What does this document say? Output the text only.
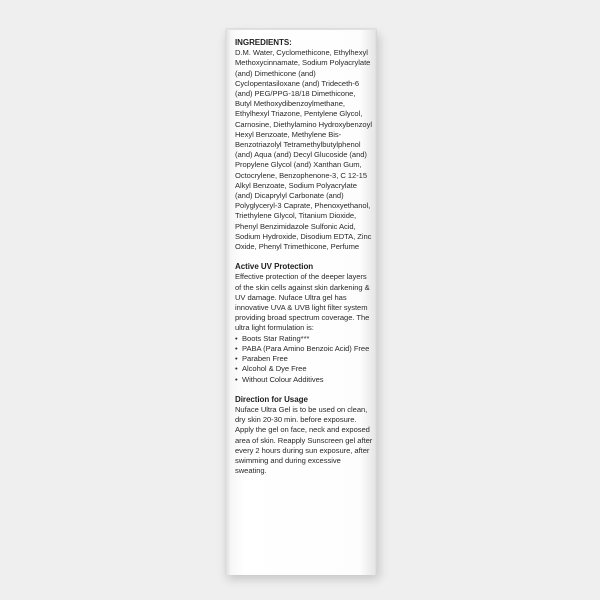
INGREDIENTS:

D.M. Water, Cyclomethicone, Ethylhexyl Methoxycinnamate, Sodium Polyacrylate (and) Dimethicone (and) Cyclopentasiloxane (and) Trideceth-6 (and) PEG/PPG-18/18 Dimethicone, Butyl Methoxydibenzoylmethane, Ethylhexyl Triazone, Pentylene Glycol, Carnosine, Diethylamino Hydroxybenzoyl Hexyl Benzoate, Methylene Bis-Benzotriazolyl Tetramethylbutylphenol (and) Aqua (and) Decyl Glucoside (and) Propylene Glycol (and) Xanthan Gum, Octocrylene, Benzophenone-3, C 12-15 Alkyl Benzoate, Sodium Polyacrylate (and) Dicaprylyl Carbonate (and) Polyglyceryl-3 Caprate, Phenoxyethanol, Triethylene Glycol, Titanium Dioxide, Phenyl Benzimidazole Sulfonic Acid, Sodium Hydroxide, Disodium EDTA, Zinc Oxide, Phenyl Trimethicone, Perfume

Active UV Protection

Effective protection of the deeper layers of the skin cells against skin darkening & UV damage. Nuface Ultra gel has innovative UVA & UVB light filter system providing broad spectrum coverage. The ultra light formulation is:

• Boots Star Rating***
• PABA (Para Amino Benzoic Acid) Free
• Paraben Free
• Alcohol & Dye Free
• Without Colour Additives

Direction for Usage

Nuface Ultra Gel is to be used on clean, dry skin 20-30 min. before exposure. Apply the gel on face, neck and exposed area of skin. Reapply Sunscreen gel after every 2 hours during sun exposure, after swimming and during excessive sweating.
